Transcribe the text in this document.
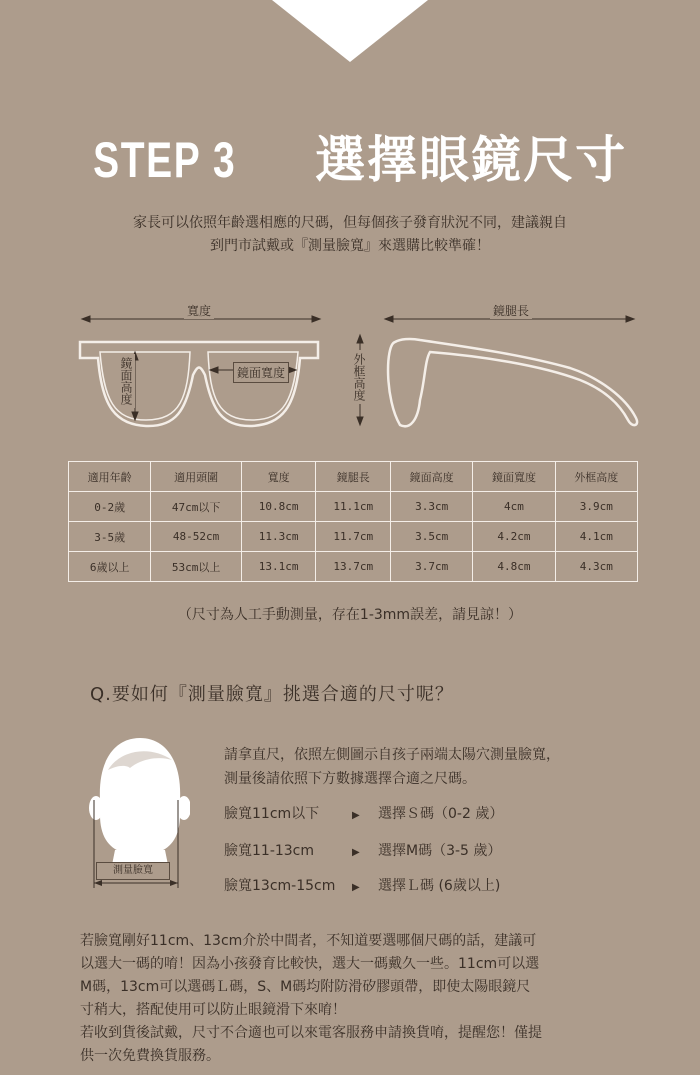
STEP 3 選擇眼鏡尺寸
家長可以依照年齡選相應的尺碼，但每個孩子發育狀況不同，建議親自
到門市試戴或『測量臉寬』來選購比較準確！
寬度	鏡腿長
鏡面高度	鏡面寬度	外框高度
適用年齡	適用頭圍	寬度	鏡腿長	鏡面高度	鏡面寬度	外框高度
0-2歲	47cm以下	10.8cm	11.1cm	3.3cm	4cm	3.9cm
3-5歲	48-52cm	11.3cm	11.7cm	3.5cm	4.2cm	4.1cm
6歲以上	53cm以上	13.1cm	13.7cm	3.7cm	4.8cm	4.3cm
（尺寸為人工手動測量，存在1-3mm誤差，請見諒！）
Q.要如何『測量臉寬』挑選合適的尺寸呢？
測量臉寬
請拿直尺，依照左側圖示自孩子兩端太陽穴測量臉寬，
測量後請依照下方數據選擇合適之尺碼。
臉寬11cm以下	▶ 選擇Ｓ碼（0-2 歲）
臉寬11-13cm	▶ 選擇M碼（3-5 歲）
臉寬13cm-15cm ▶ 選擇Ｌ碼 (6歲以上)
若臉寬剛好11cm、13cm介於中間者，不知道要選哪個尺碼的話，建議可
以選大一碼的唷！因為小孩發育比較快，選大一碼戴久一些。11cm可以選
M碼，13cm可以選碼Ｌ碼，S、M碼均附防滑矽膠頭帶，即使太陽眼鏡尺
寸稍大，搭配使用可以防止眼鏡滑下來唷！
若收到貨後試戴，尺寸不合適也可以來電客服務申請換貨唷，提醒您！僅提
供一次免費換貨服務。
